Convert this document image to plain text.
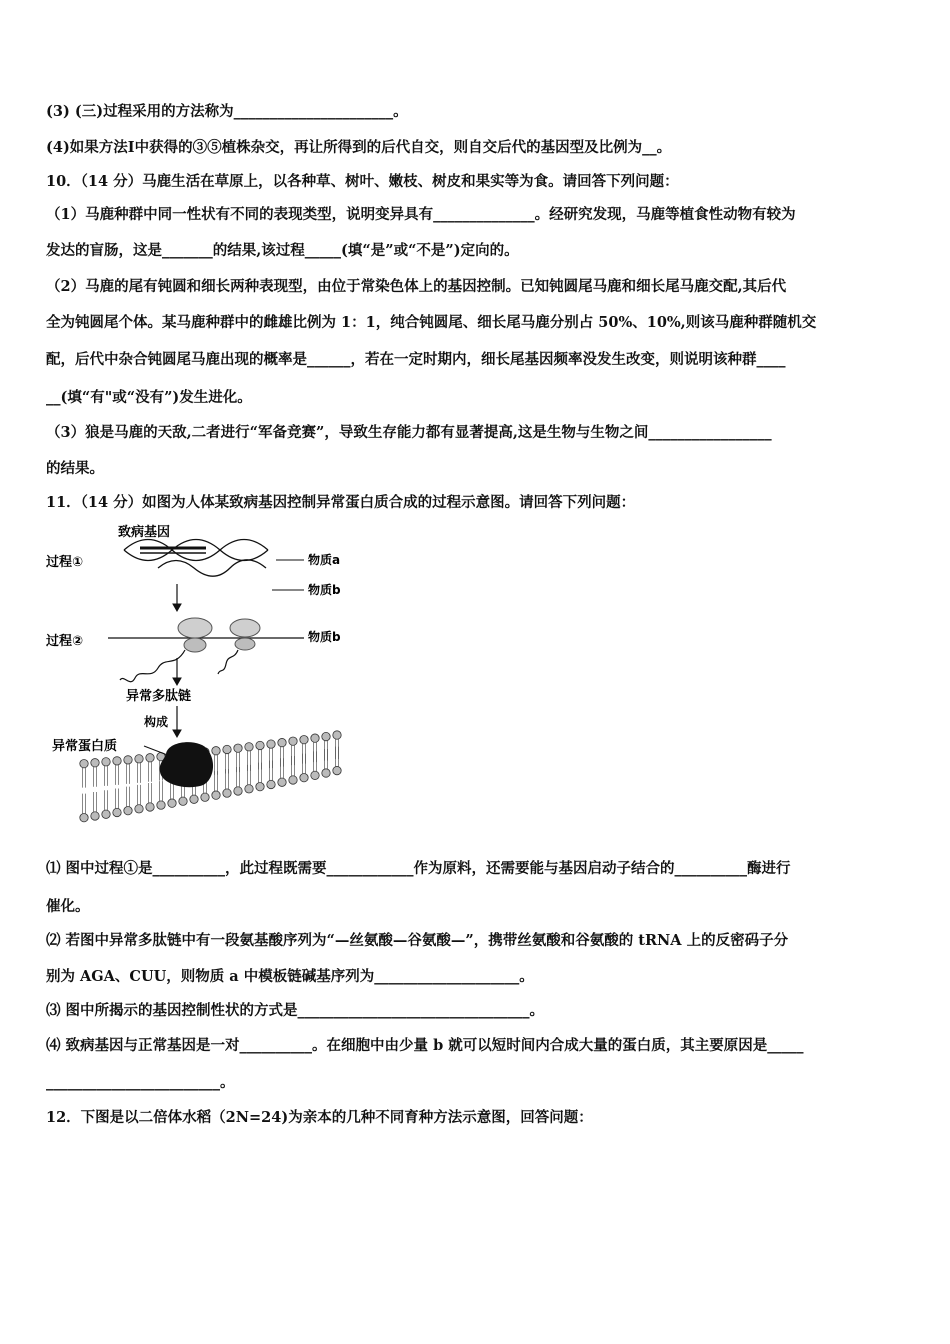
(3) (三)过程采用的方法称为______________________。
(4)如果方法Ⅰ中获得的③⑤植株杂交，再让所得到的后代自交，则自交后代的基因型及比例为__。
10．（14 分）马鹿生活在草原上，以各种草、树叶、嫩枝、树皮和果实等为食。请回答下列问题：
（1）马鹿种群中同一性状有不同的表现类型，说明变异具有______________。经研究发现，马鹿等植食性动物有较为
发达的盲肠，这是_______的结果,该过程_____(填“是”或“不是”)定向的。
（2）马鹿的尾有钝圆和细长两种表现型，由位于常染色体上的基因控制。已知钝圆尾马鹿和细长尾马鹿交配,其后代
全为钝圆尾个体。某马鹿种群中的雌雄比例为 1：1，纯合钝圆尾、细长尾马鹿分别占 50%、10%,则该马鹿种群随机交
配，后代中杂合钝圆尾马鹿出现的概率是______，若在一定时期内，细长尾基因频率没发生改变，则说明该种群____
__(填“有"或“没有”)发生进化。
（3）狼是马鹿的天敌,二者进行“军备竞赛”，导致生存能力都有显著提高,这是生物与生物之间_________________
的结果。
11．（14 分）如图为人体某致病基因控制异常蛋白质合成的过程示意图。请回答下列问题：
致病基因
过程①	物质a
物质b
过程②	物质b
异常多肽链
构成
异常蛋白质
⑴ 图中过程①是__________，此过程既需要____________作为原料，还需要能与基因启动子结合的__________酶进行
催化。
⑵ 若图中异常多肽链中有一段氨基酸序列为“—丝氨酸—谷氨酸—”，携带丝氨酸和谷氨酸的 tRNA 上的反密码子分
别为 AGA、CUU，则物质 a 中模板链碱基序列为____________________。
⑶ 图中所揭示的基因控制性状的方式是________________________________。
⑷ 致病基因与正常基因是一对__________。在细胞中由少量 b 就可以短时间内合成大量的蛋白质，其主要原因是_____
________________________。
12．下图是以二倍体水稻（2N=24)为亲本的几种不同育种方法示意图，回答问题：
